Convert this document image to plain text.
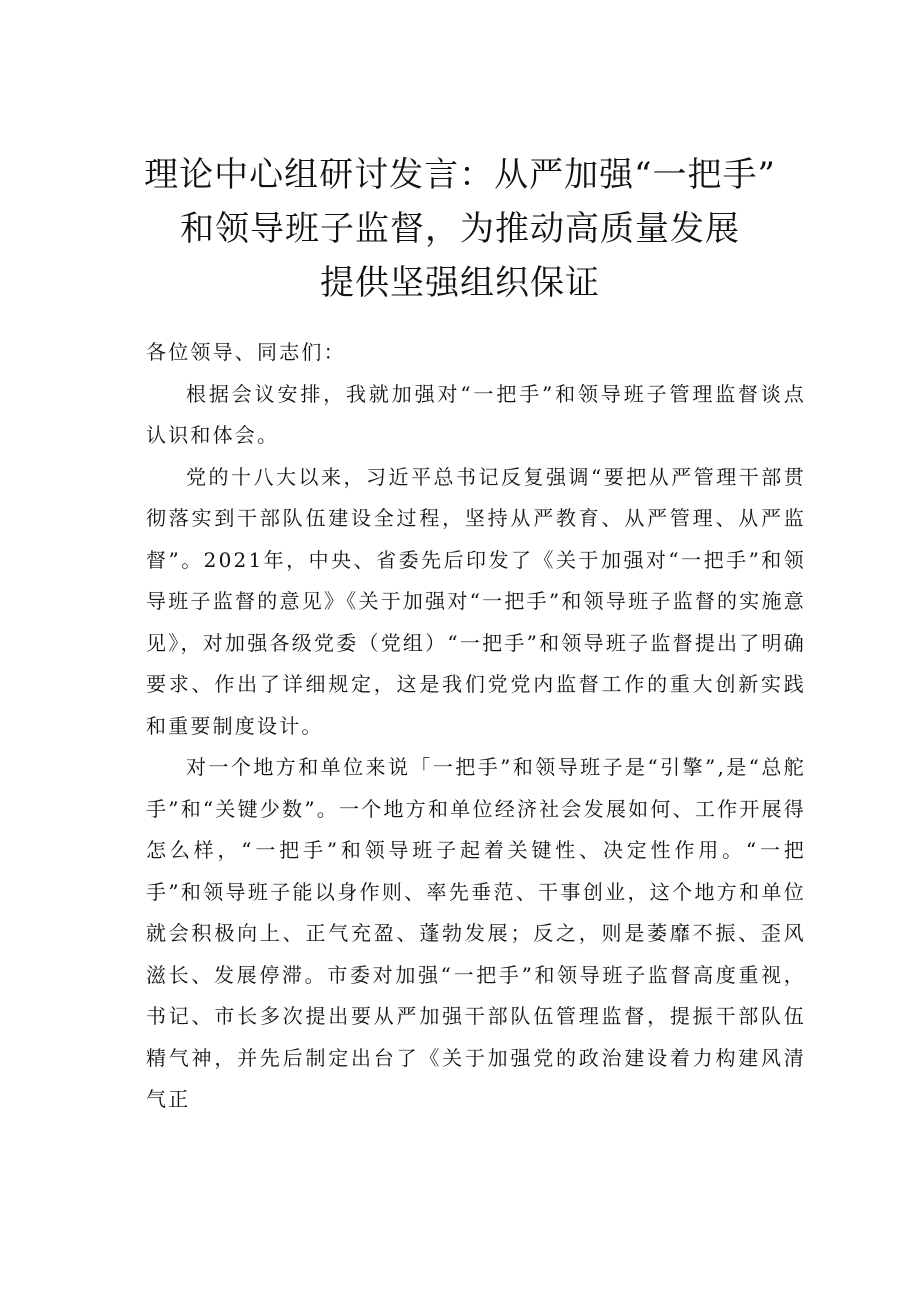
理论中心组研讨发言：从严加强“一把手”
和领导班子监督，为推动高质量发展
提供坚强组织保证

各位领导、同志们：

根据会议安排，我就加强对“一把手”和领导班子管理监督谈点认识和体会。

党的十八大以来，习近平总书记反复强调“要把从严管理干部贯彻落实到干部队伍建设全过程，坚持从严教育、从严管理、从严监督”。2021年，中央、省委先后印发了《关于加强对“一把手”和领导班子监督的意见》《关于加强对“一把手”和领导班子监督的实施意见》，对加强各级党委（党组）“一把手”和领导班子监督提出了明确要求、作出了详细规定，这是我们党党内监督工作的重大创新实践和重要制度设计。

对一个地方和单位来说「一把手”和领导班子是“引擎”,是“总舵手”和“关键少数”。一个地方和单位经济社会发展如何、工作开展得怎么样，“一把手”和领导班子起着关键性、决定性作用。“一把手”和领导班子能以身作则、率先垂范、干事创业，这个地方和单位就会积极向上、正气充盈、蓬勃发展；反之，则是萎靡不振、歪风滋长、发展停滞。市委对加强“一把手”和领导班子监督高度重视，书记、市长多次提出要从严加强干部队伍管理监督，提振干部队伍精气神，并先后制定出台了《关于加强党的政治建设着力构建风清气正
